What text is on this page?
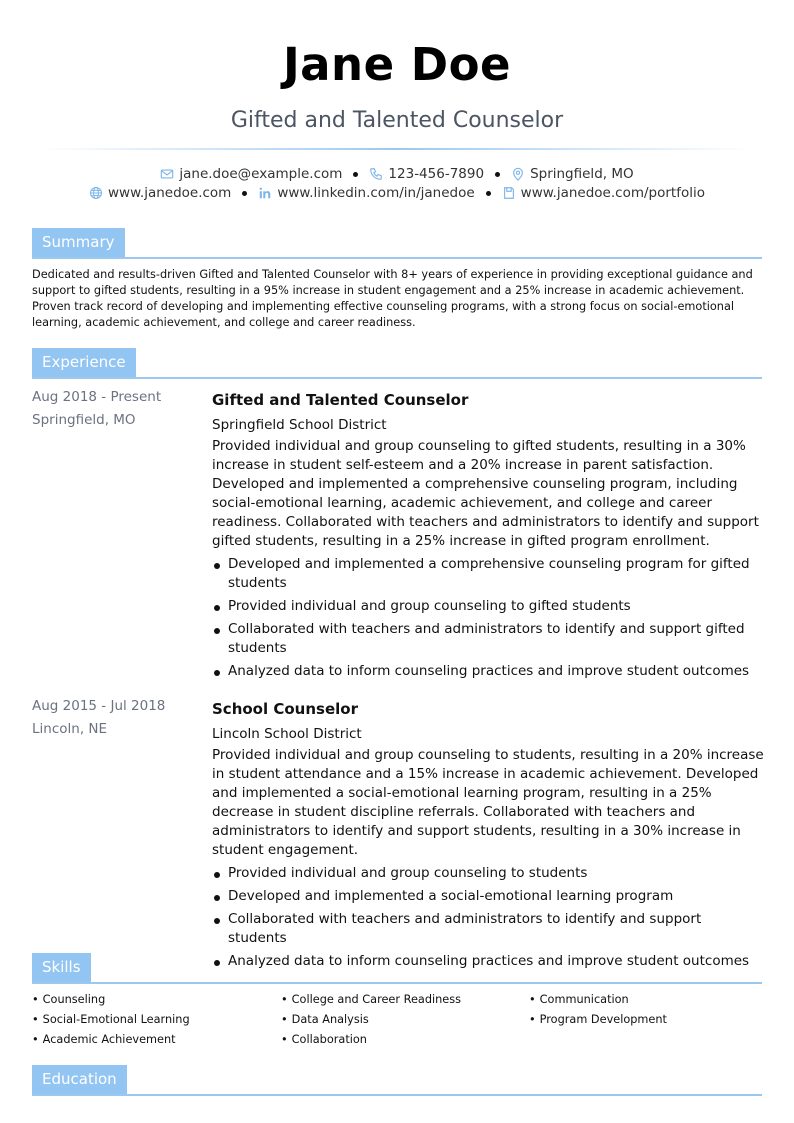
Jane Doe
Gifted and Talented Counselor
jane.doe@example.com	123-456-7890	Springfield, MO
www.janedoe.com	www.linkedin.com/in/janedoe	www.janedoe.com/portfolio
Summary
Dedicated and results-driven Gifted and Talented Counselor with 8+ years of experience in providing exceptional guidance and support to gifted students, resulting in a 95% increase in student engagement and a 25% increase in academic achievement. Proven track record of developing and implementing effective counseling programs, with a strong focus on social-emotional learning, academic achievement, and college and career readiness.
Experience
Aug 2018 - Present
Springfield, MO
Gifted and Talented Counselor
Springfield School District
Provided individual and group counseling to gifted students, resulting in a 30% increase in student self-esteem and a 20% increase in parent satisfaction. Developed and implemented a comprehensive counseling program, including social-emotional learning, academic achievement, and college and career readiness. Collaborated with teachers and administrators to identify and support gifted students, resulting in a 25% increase in gifted program enrollment.
Developed and implemented a comprehensive counseling program for gifted students
Provided individual and group counseling to gifted students
Collaborated with teachers and administrators to identify and support gifted students
Analyzed data to inform counseling practices and improve student outcomes
Aug 2015 - Jul 2018
Lincoln, NE
School Counselor
Lincoln School District
Provided individual and group counseling to students, resulting in a 20% increase in student attendance and a 15% increase in academic achievement. Developed and implemented a social-emotional learning program, resulting in a 25% decrease in student discipline referrals. Collaborated with teachers and administrators to identify and support students, resulting in a 30% increase in student engagement.
Provided individual and group counseling to students
Developed and implemented a social-emotional learning program
Collaborated with teachers and administrators to identify and support students
Analyzed data to inform counseling practices and improve student outcomes
Skills
• Counseling	• College and Career Readiness	• Communication
• Social-Emotional Learning	• Data Analysis	• Program Development
• Academic Achievement	• Collaboration
Education
